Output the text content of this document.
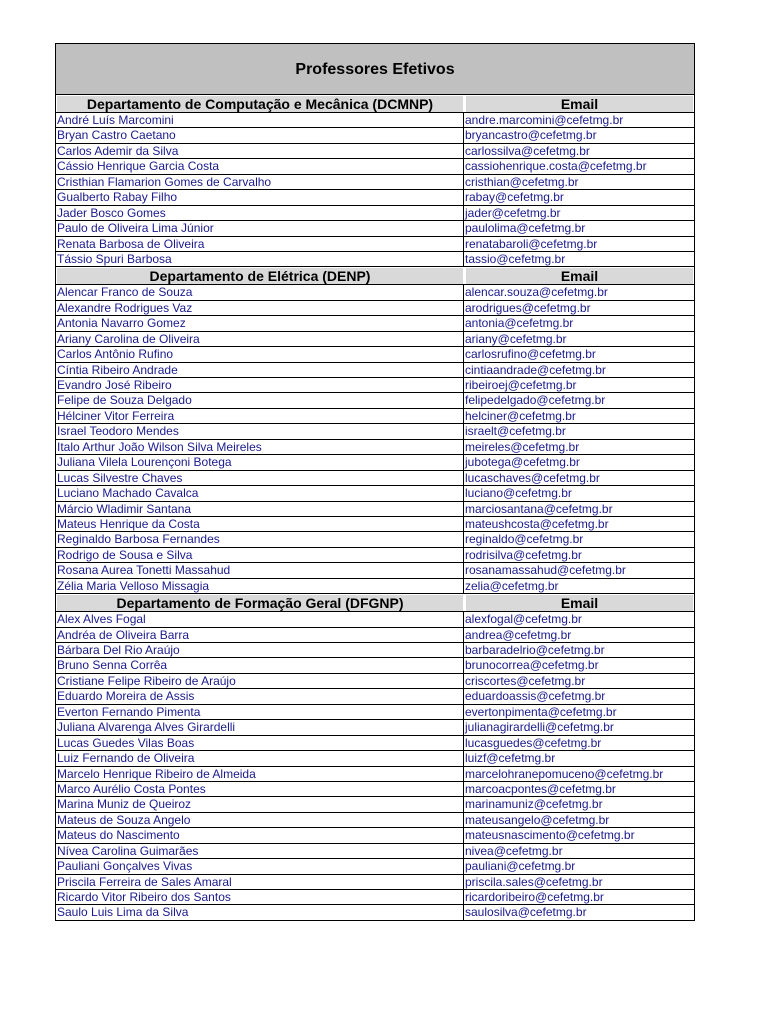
Professores Efetivos
Departamento de Computação e Mecânica (DCMNP)	Email
André Luís Marcomini	andre.marcomini@cefetmg.br
Bryan Castro Caetano	bryancastro@cefetmg.br
Carlos Ademir da Silva	carlossilva@cefetmg.br
Cássio Henrique Garcia Costa	cassiohenrique.costa@cefetmg.br
Cristhian Flamarion Gomes de Carvalho	cristhian@cefetmg.br
Gualberto Rabay Filho	rabay@cefetmg.br
Jader Bosco Gomes	jader@cefetmg.br
Paulo de Oliveira Lima Júnior	paulolima@cefetmg.br
Renata Barbosa de Oliveira	renatabaroli@cefetmg.br
Tássio Spuri Barbosa	tassio@cefetmg.br
Departamento de Elétrica (DENP)	Email
Alencar Franco de Souza	alencar.souza@cefetmg.br
Alexandre Rodrigues Vaz	arodrigues@cefetmg.br
Antonia Navarro Gomez	antonia@cefetmg.br
Ariany Carolina de Oliveira	ariany@cefetmg.br
Carlos Antônio Rufino	carlosrufino@cefetmg.br
Cíntia Ribeiro Andrade	cintiaandrade@cefetmg.br
Evandro José Ribeiro	ribeiroej@cefetmg.br
Felipe de Souza Delgado	felipedelgado@cefetmg.br
Hélciner Vitor Ferreira	helciner@cefetmg.br
Israel Teodoro Mendes	israelt@cefetmg.br
Italo Arthur João Wilson Silva Meireles	meireles@cefetmg.br
Juliana Vilela Lourençoni Botega	jubotega@cefetmg.br
Lucas Silvestre Chaves	lucaschaves@cefetmg.br
Luciano Machado Cavalca	luciano@cefetmg.br
Márcio Wladimir Santana	marciosantana@cefetmg.br
Mateus Henrique da Costa	mateushcosta@cefetmg.br
Reginaldo Barbosa Fernandes	reginaldo@cefetmg.br
Rodrigo de Sousa e Silva	rodrisilva@cefetmg.br
Rosana Aurea Tonetti Massahud	rosanamassahud@cefetmg.br
Zélia Maria Velloso Missagia	zelia@cefetmg.br
Departamento de Formação Geral (DFGNP)	Email
Alex Alves Fogal	alexfogal@cefetmg.br
Andréa de Oliveira Barra	andrea@cefetmg.br
Bárbara Del Rio Araújo	barbaradelrio@cefetmg.br
Bruno Senna Corrêa	brunocorrea@cefetmg.br
Cristiane Felipe Ribeiro de Araújo	criscortes@cefetmg.br
Eduardo Moreira de Assis	eduardoassis@cefetmg.br
Everton Fernando Pimenta	evertonpimenta@cefetmg.br
Juliana Alvarenga Alves Girardelli	julianagirardelli@cefetmg.br
Lucas Guedes Vilas Boas	lucasguedes@cefetmg.br
Luiz Fernando de Oliveira	luizf@cefetmg.br
Marcelo Henrique Ribeiro de Almeida	marcelohranepomuceno@cefetmg.br
Marco Aurélio Costa Pontes	marcoacpontes@cefetmg.br
Marina Muniz de Queiroz	marinamuniz@cefetmg.br
Mateus de Souza Angelo	mateusangelo@cefetmg.br
Mateus do Nascimento	mateusnascimento@cefetmg.br
Nívea Carolina Guimarães	nivea@cefetmg.br
Pauliani Gonçalves Vivas	pauliani@cefetmg.br
Priscila Ferreira de Sales Amaral	priscila.sales@cefetmg.br
Ricardo Vitor Ribeiro dos Santos	ricardoribeiro@cefetmg.br
Saulo Luis Lima da Silva	saulosilva@cefetmg.br
